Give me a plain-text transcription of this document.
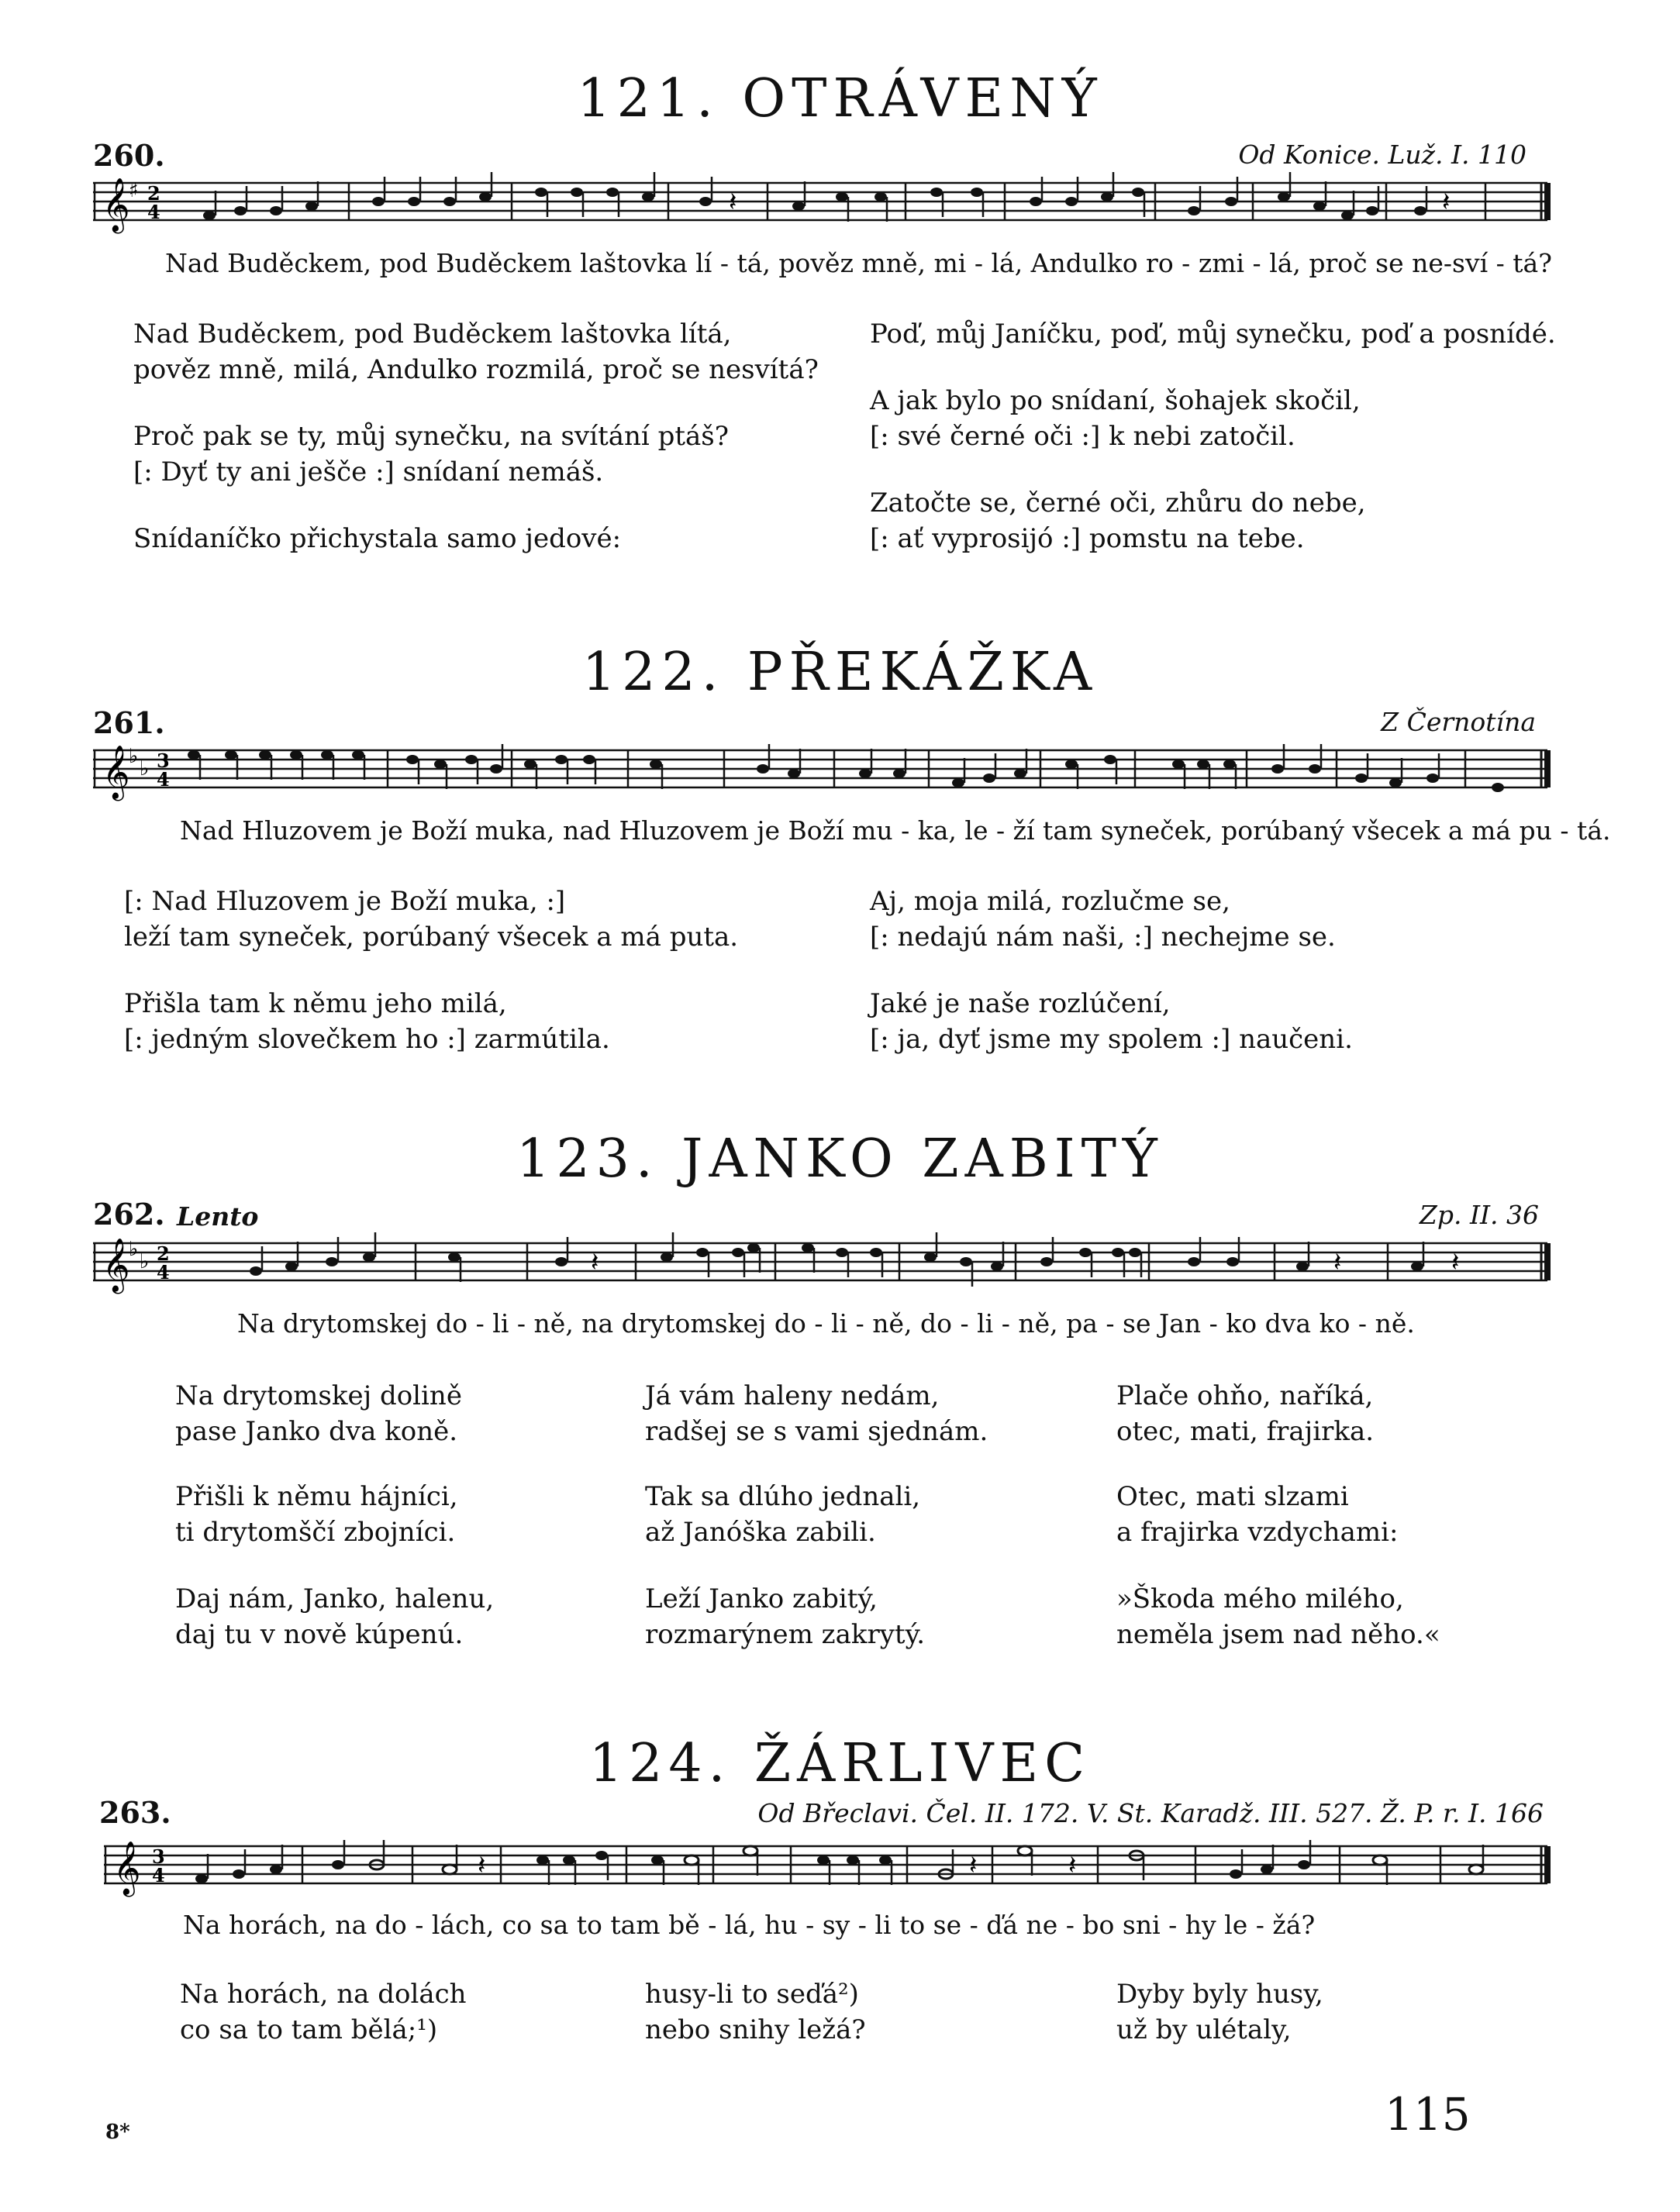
121. OTRÁVENÝ
260.	Od Konice. Luž. I. 110
𝄞
♯ 2
4	𝄽	𝄽
Nad Buděckem, pod Buděckem laštovka lí - tá, pověz mně, mi - lá, Andulko ro - zmi - lá, proč se ne-sví - tá?
Nad Buděckem, pod Buděckem laštovka lítá,
pověz mně, milá, Andulko rozmilá, proč se nesvítá?
Proč pak se ty, můj synečku, na svítání ptáš?
[: Dyť ty ani ješče :] snídaní nemáš.
Snídaníčko přichystala samo jedové:
Poď, můj Janíčku, poď, můj synečku, poď a posnídé.
A jak bylo po snídaní, šohajek skočil,
[: své černé oči :] k nebi zatočil.
Zatočte se, černé oči, zhůru do nebe,
[: ať vyprosijó :] pomstu na tebe.
122. PŘEKÁŽKA
261.	Z Černotína
𝄞
♭
♭ 3
4
Nad Hluzovem je Boží muka, nad Hluzovem je Boží mu - ka, le - ží tam syneček, porúbaný všecek a má pu - tá.
[: Nad Hluzovem je Boží muka, :]
leží tam syneček, porúbaný všecek a má puta.
Přišla tam k němu jeho milá,
[: jedným slovečkem ho :] zarmútila.
Aj, moja milá, rozlučme se,
[: nedajú nám naši, :] nechejme se.
Jaké je naše rozlúčení,
[: ja, dyť jsme my spolem :] naučeni.
123. JANKO ZABITÝ
262. Lento	Zp. II. 36
𝄞
♭
♭ 2
4	𝄽	𝄽	𝄽
Na drytomskej do - li - ně, na drytomskej do - li - ně, do - li - ně, pa - se Jan - ko dva ko - ně.
Na drytomskej dolině
pase Janko dva koně.
Přišli k němu hájníci,
ti drytomščí zbojníci.
Daj nám, Janko, halenu,
daj tu v nově kúpenú.
Já vám haleny nedám,
radšej se s vami sjednám.
Tak sa dlúho jednali,
až Janóška zabili.
Leží Janko zabitý,
rozmarýnem zakrytý.
Plače ohňo, naříká,
otec, mati, frajirka.
Otec, mati slzami
a frajirka vzdychami:
»Škoda mého milého,
neměla jsem nad něho.«
124. ŽÁRLIVEC
263.	Od Břeclavi. Čel. II. 172. V. St. Karadž. III. 527. Ž. P. r. I. 166
𝄞 3
4	𝄽	𝄽	𝄽
Na horách, na do - lách, co sa to tam bě - lá, hu - sy - li to se - ďá ne - bo sni - hy le - žá?
Na horách, na dolách
co sa to tam bělá;¹)
husy-li to seďá²)
nebo snihy ležá?
Dyby byly husy,
už by ulétaly,
8*	115
